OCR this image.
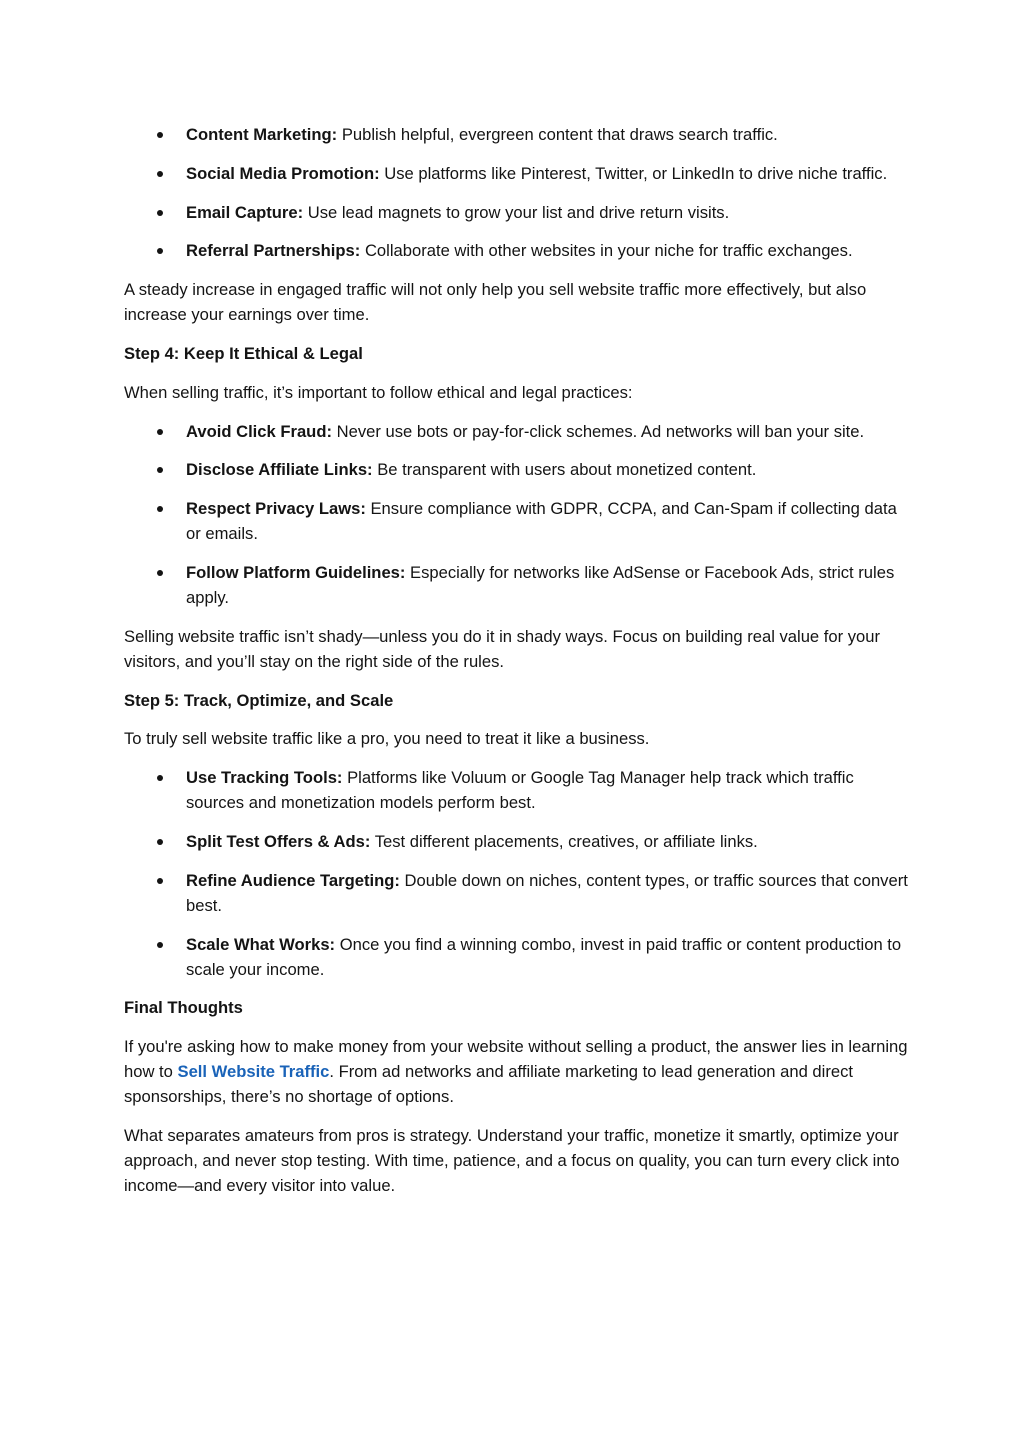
Content Marketing: Publish helpful, evergreen content that draws search traffic.
Social Media Promotion: Use platforms like Pinterest, Twitter, or LinkedIn to drive niche traffic.
Email Capture: Use lead magnets to grow your list and drive return visits.
Referral Partnerships: Collaborate with other websites in your niche for traffic exchanges.

A steady increase in engaged traffic will not only help you sell website traffic more effectively, but also increase your earnings over time.

Step 4: Keep It Ethical & Legal

When selling traffic, it’s important to follow ethical and legal practices:

Avoid Click Fraud: Never use bots or pay-for-click schemes. Ad networks will ban your site.
Disclose Affiliate Links: Be transparent with users about monetized content.
Respect Privacy Laws: Ensure compliance with GDPR, CCPA, and Can-Spam if collecting data or emails.
Follow Platform Guidelines: Especially for networks like AdSense or Facebook Ads, strict rules apply.

Selling website traffic isn’t shady—unless you do it in shady ways. Focus on building real value for your visitors, and you’ll stay on the right side of the rules.

Step 5: Track, Optimize, and Scale

To truly sell website traffic like a pro, you need to treat it like a business.

Use Tracking Tools: Platforms like Voluum or Google Tag Manager help track which traffic sources and monetization models perform best.
Split Test Offers & Ads: Test different placements, creatives, or affiliate links.
Refine Audience Targeting: Double down on niches, content types, or traffic sources that convert best.
Scale What Works: Once you find a winning combo, invest in paid traffic or content production to scale your income.

Final Thoughts

If you're asking how to make money from your website without selling a product, the answer lies in learning how to Sell Website Traffic. From ad networks and affiliate marketing to lead generation and direct sponsorships, there’s no shortage of options.

What separates amateurs from pros is strategy. Understand your traffic, monetize it smartly, optimize your approach, and never stop testing. With time, patience, and a focus on quality, you can turn every click into income—and every visitor into value.
